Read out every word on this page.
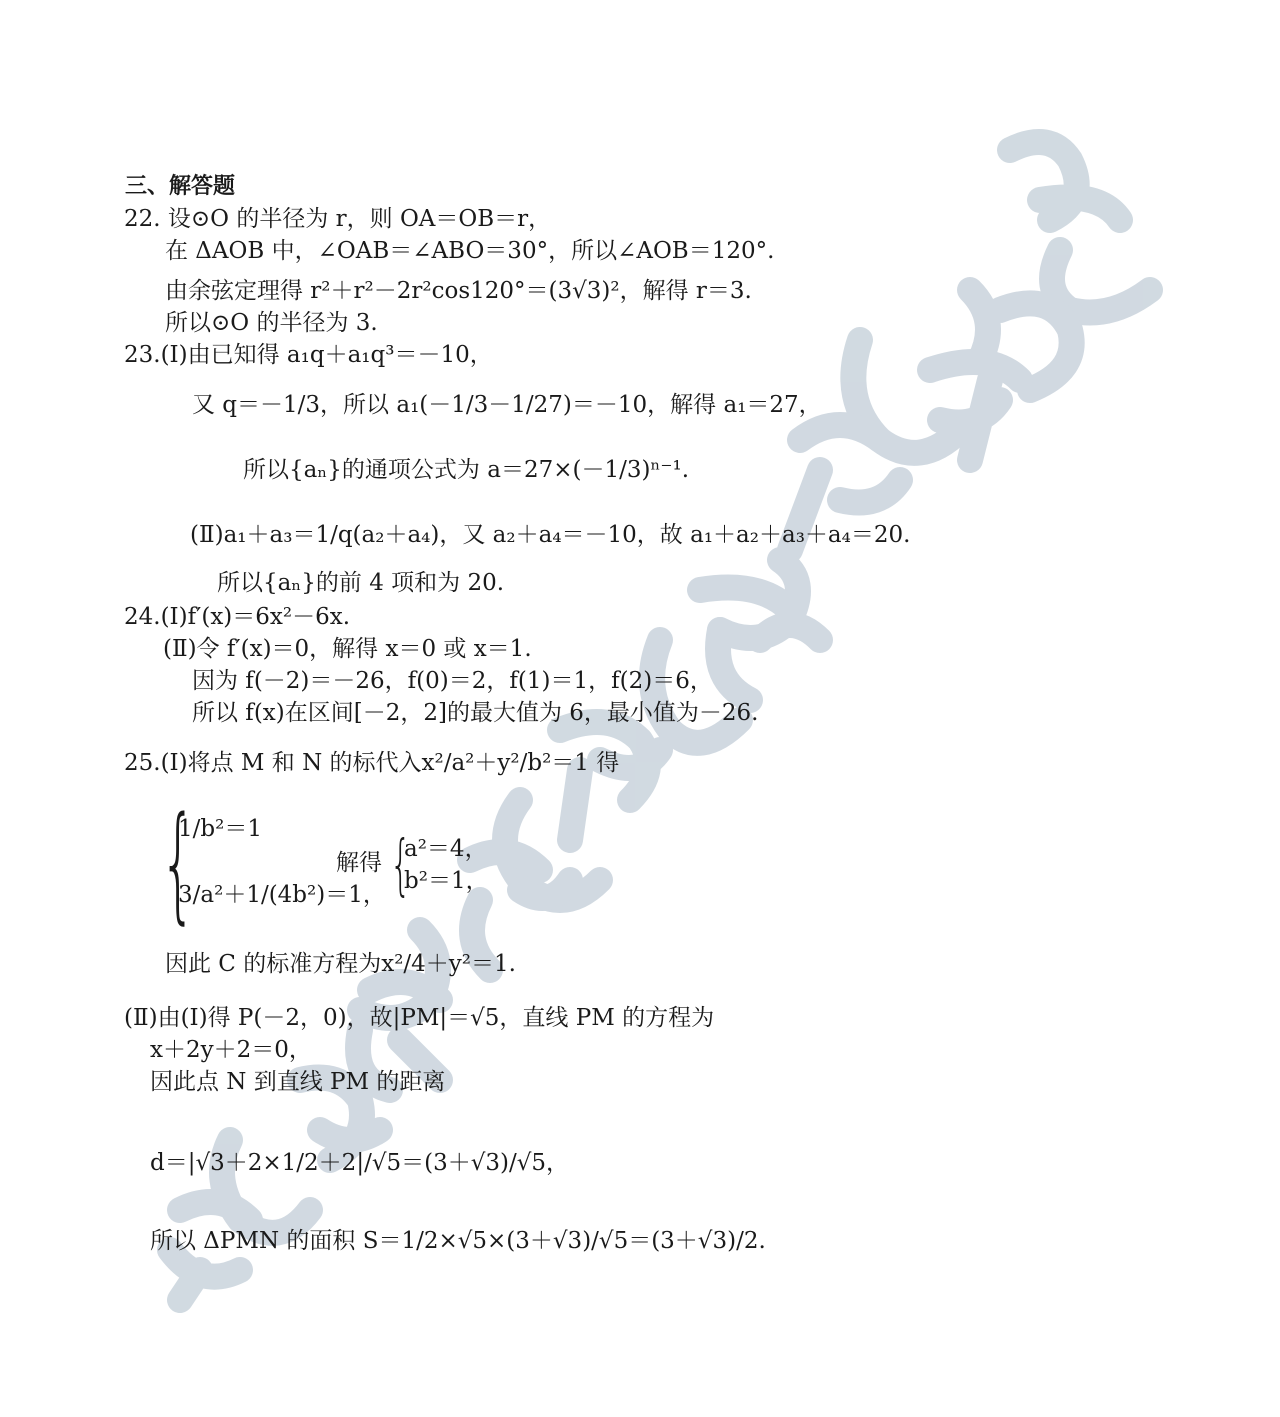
三、解答题
22. 设⊙O 的半径为 r，则 OA＝OB＝r，
在 ΔAOB 中，∠OAB＝∠ABO＝30°，所以∠AOB＝120°.
由余弦定理得 r²＋r²－2r²cos120°＝(3√3)²，解得 r＝3.
所以⊙O 的半径为 3.
23.(Ⅰ)由已知得 a₁q＋a₁q³＝－10，
又 q＝－1/3，所以 a₁(－1/3－1/27)＝－10，解得 a₁＝27，
所以{aₙ}的通项公式为 a＝27×(－1/3)ⁿ⁻¹.
(Ⅱ)a₁＋a₃＝1/q(a₂＋a₄)，又 a₂＋a₄＝－10，故 a₁＋a₂＋a₃＋a₄＝20.
所以{aₙ}的前 4 项和为 20.
24.(Ⅰ)f′(x)＝6x²－6x.
(Ⅱ)令 f′(x)＝0，解得 x＝0 或 x＝1.
因为 f(－2)＝－26，f(0)＝2，f(1)＝1，f(2)＝6，
所以 f(x)在区间[－2，2]的最大值为 6，最小值为－26.
25.(Ⅰ)将点 M 和 N 的标代入x²/a²＋y²/b²＝1 得
{
1/b²＝1
3/a²＋1/(4b²)＝1，
解得 {
a²＝4，
b²＝1，
因此 C 的标准方程为x²/4＋y²＝1.
(Ⅱ)由(Ⅰ)得 P(－2，0)，故|PM|＝√5，直线 PM 的方程为
x＋2y＋2＝0，
因此点 N 到直线 PM 的距离
d＝|√3＋2×1/2＋2|/√5＝(3＋√3)/√5，
所以 ΔPMN 的面积 S＝1/2×√5×(3＋√3)/√5＝(3＋√3)/2.
